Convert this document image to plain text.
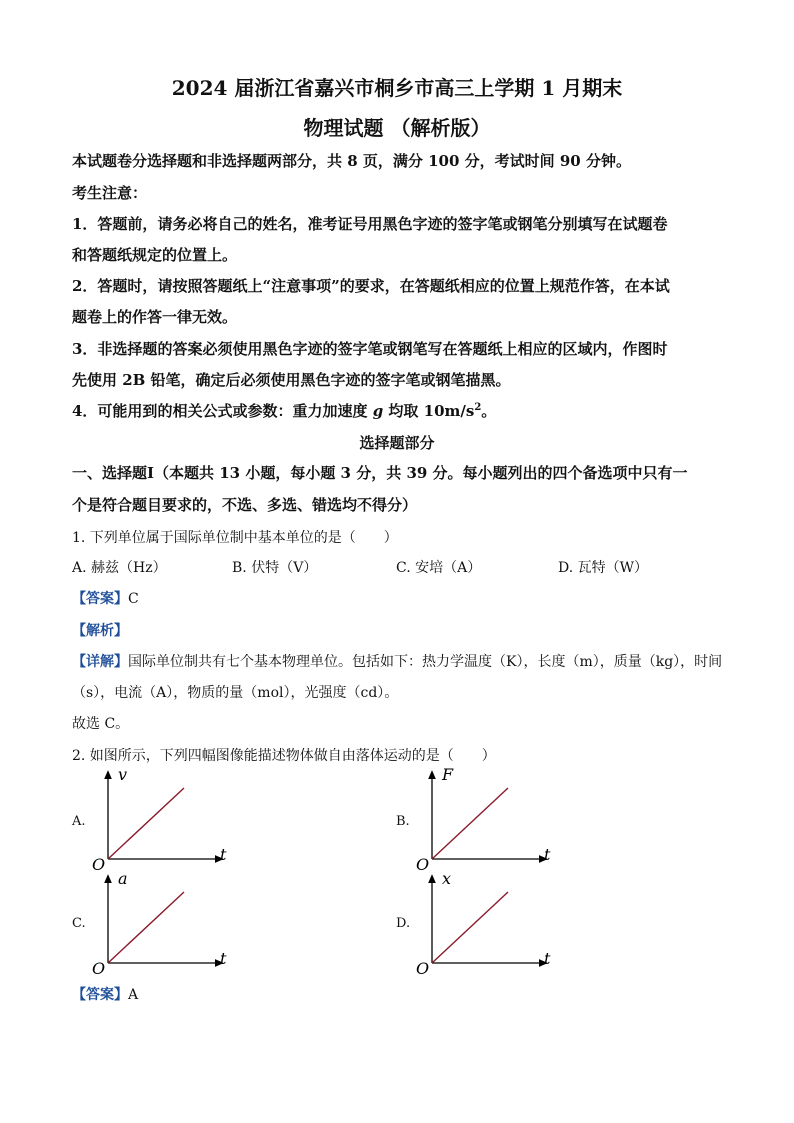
2024 届浙江省嘉兴市桐乡市高三上学期 1 月期末
物理试题 （解析版）
本试题卷分选择题和非选择题两部分，共 8 页，满分 100 分，考试时间 90 分钟。
考生注意：
1．答题前，请务必将自己的姓名，准考证号用黑色字迹的签字笔或钢笔分别填写在试题卷
和答题纸规定的位置上。
2．答题时，请按照答题纸上“注意事项”的要求，在答题纸相应的位置上规范作答，在本试
题卷上的作答一律无效。
3．非选择题的答案必须使用黑色字迹的签字笔或钢笔写在答题纸上相应的区域内，作图时
先使用 2B 铅笔，确定后必须使用黑色字迹的签字笔或钢笔描黑。
4．可能用到的相关公式或参数：重力加速度 g 均取 $10m/s^2$。
选择题部分
一、选择题Ⅰ（本题共 13 小题，每小题 3 分，共 39 分。每小题列出的四个备选项中只有一
个是符合题目要求的，不选、多选、错选均不得分）
1. 下列单位属于国际单位制中基本单位的是（　　）
A. 赫兹（Hz）	B. 伏特（V）	C. 安培（A）	D. 瓦特（W）
【答案】C
【解析】
【详解】国际单位制共有七个基本物理单位。包括如下：热力学温度（K），长度（m），质量（kg），时间
（s），电流（A），物质的量（mol），光强度（cd）。
故选 C。
2. 如图所示，下列四幅图像能描述物体做自由落体运动的是（　　）
A.
v
t
O
B.
F
t
O
C.
a
t
O
D.
x
t
O
【答案】A
